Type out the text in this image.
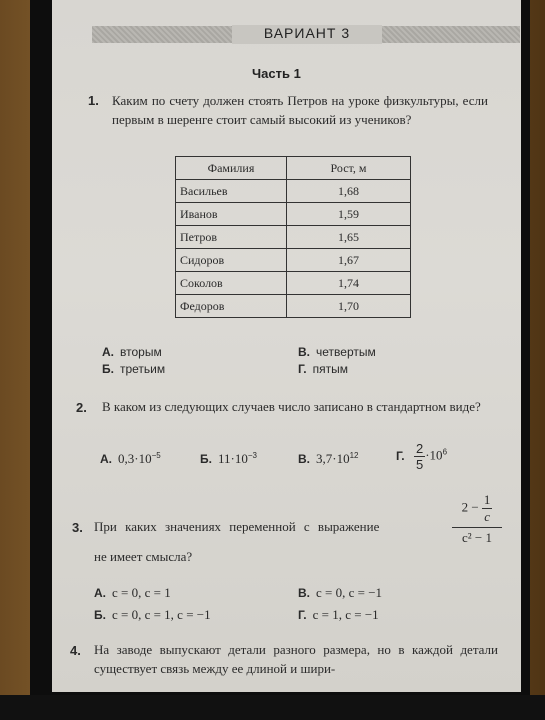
ВАРИАНТ 3
Часть 1
1. Каким по счету должен стоять Петров на уроке физкультуры, если первым в шеренге стоит самый высокий из учеников?
Фамилия	Рост, м
Васильев	1,68
Иванов	1,59
Петров	1,65
Сидоров	1,67
Соколов	1,74
Федоров	1,70
А. вторым
Б. третьим
В. четвертым
Г. пятым
2. В каком из следующих случаев число записано в стандартном виде?
А. $0,3\cdot 10^{-5}$	Б. $11\cdot 10^{-3}$	В. $3,7\cdot 10^{12}$	Г. $\frac{2}{5} \cdot 10^6$
3. При каких значениях переменной c выражение
$2 - \frac{1}{c}$
c² − 1
не имеет смысла?
А. c = 0, c = 1
Б. c = 0, c = 1, c = −1
В. c = 0, c = −1
Г. c = 1, c = −1
4. На заводе выпускают детали разного размера, но в каждой детали существует связь между ее длиной и шири-
